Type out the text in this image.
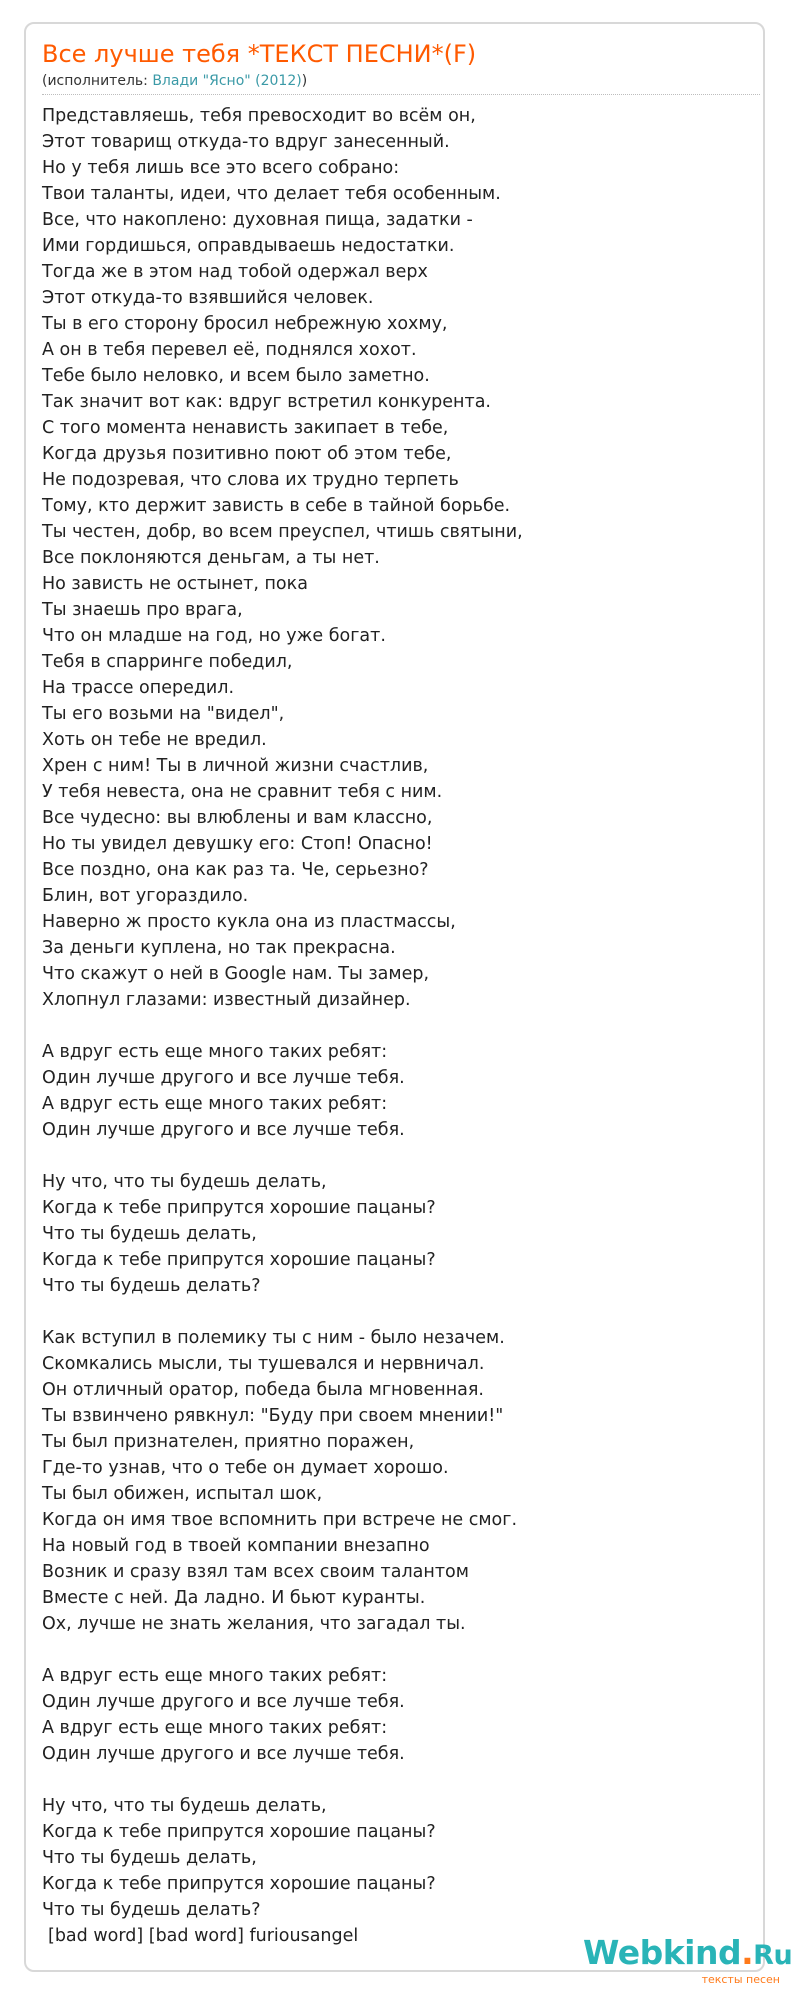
Все лучше тебя *ТЕКСТ ПЕСНИ*(F)
(исполнитель: Влади "Ясно" (2012))
Представляешь, тебя превосходит во всём он,
Этот товарищ откуда-то вдруг занесенный.
Но у тебя лишь все это всего собрано:
Твои таланты, идеи, что делает тебя особенным.
Все, что накоплено: духовная пища, задатки -
Ими гордишься, оправдываешь недостатки.
Тогда же в этом над тобой одержал верх
Этот откуда-то взявшийся человек.
Ты в его сторону бросил небрежную хохму,
А он в тебя перевел её, поднялся хохот.
Тебе было неловко, и всем было заметно.
Так значит вот как: вдруг встретил конкурента.
С того момента ненависть закипает в тебе,
Когда друзья позитивно поют об этом тебе,
Не подозревая, что слова их трудно терпеть
Тому, кто держит зависть в себе в тайной борьбе.
Ты честен, добр, во всем преуспел, чтишь святыни,
Все поклоняются деньгам, а ты нет.
Но зависть не остынет, пока
Ты знаешь про врага,
Что он младше на год, но уже богат.
Тебя в спарринге победил,
На трассе опередил.
Ты его возьми на "видел",
Хоть он тебе не вредил.
Хрен с ним! Ты в личной жизни счастлив,
У тебя невеста, она не сравнит тебя с ним.
Все чудесно: вы влюблены и вам классно,
Но ты увидел девушку его: Стоп! Опасно!
Все поздно, она как раз та. Че, серьезно?
Блин, вот угораздило.
Наверно ж просто кукла она из пластмассы,
За деньги куплена, но так прекрасна.
Что скажут о ней в Google нам. Ты замер,
Хлопнул глазами: известный дизайнер.
А вдруг есть еще много таких ребят:
Один лучше другого и все лучше тебя.
А вдруг есть еще много таких ребят:
Один лучше другого и все лучше тебя.
Ну что, что ты будешь делать,
Когда к тебе припрутся хорошие пацаны?
Что ты будешь делать,
Когда к тебе припрутся хорошие пацаны?
Что ты будешь делать?
Как вступил в полемику ты с ним - было незачем.
Скомкались мысли, ты тушевался и нервничал.
Он отличный оратор, победа была мгновенная.
Ты взвинчено рявкнул: "Буду при своем мнении!"
Ты был признателен, приятно поражен,
Где-то узнав, что о тебе он думает хорошо.
Ты был обижен, испытал шок,
Когда он имя твое вспомнить при встрече не смог.
На новый год в твоей компании внезапно
Возник и сразу взял там всех своим талантом
Вместе с ней. Да ладно. И бьют куранты.
Ох, лучше не знать желания, что загадал ты.
А вдруг есть еще много таких ребят:
Один лучше другого и все лучше тебя.
А вдруг есть еще много таких ребят:
Один лучше другого и все лучше тебя.
Ну что, что ты будешь делать,
Когда к тебе припрутся хорошие пацаны?
Что ты будешь делать,
Когда к тебе припрутся хорошие пацаны?
Что ты будешь делать?
[bad word] [bad word] furiousangel	Webkind.Ru
тексты песен
